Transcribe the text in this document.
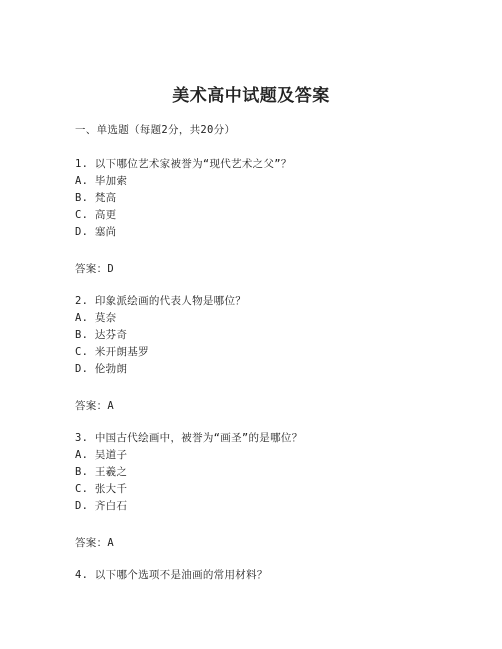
美术高中试题及答案
一、单选题（每题2分，共20分）
1. 以下哪位艺术家被誉为“现代艺术之父”？
A. 毕加索
B. 梵高
C. 高更
D. 塞尚
答案：D
2. 印象派绘画的代表人物是哪位？
A. 莫奈
B. 达芬奇
C. 米开朗基罗
D. 伦勃朗
答案：A
3. 中国古代绘画中，被誉为“画圣”的是哪位？
A. 吴道子
B. 王羲之
C. 张大千
D. 齐白石
答案：A
4. 以下哪个选项不是油画的常用材料？
